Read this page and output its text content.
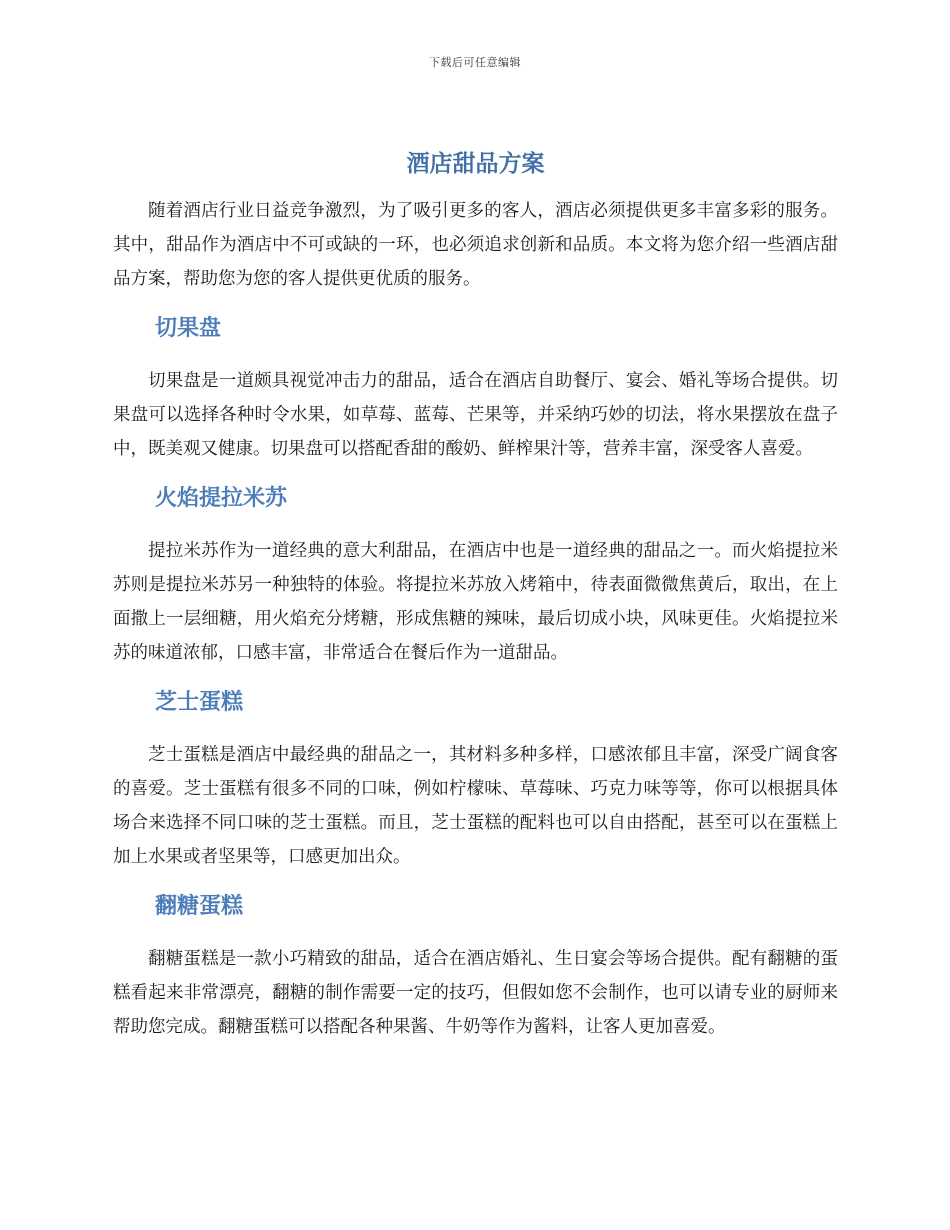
下载后可任意编辑
酒店甜品方案

随着酒店行业日益竞争激烈，为了吸引更多的客人，酒店必须提供更多丰富多彩的服务。其中，甜品作为酒店中不可或缺的一环，也必须追求创新和品质。本文将为您介绍一些酒店甜品方案，帮助您为您的客人提供更优质的服务。

切果盘

切果盘是一道颇具视觉冲击力的甜品，适合在酒店自助餐厅、宴会、婚礼等场合提供。切果盘可以选择各种时令水果，如草莓、蓝莓、芒果等，并采纳巧妙的切法，将水果摆放在盘子中，既美观又健康。切果盘可以搭配香甜的酸奶、鲜榨果汁等，营养丰富，深受客人喜爱。

火焰提拉米苏

提拉米苏作为一道经典的意大利甜品，在酒店中也是一道经典的甜品之一。而火焰提拉米苏则是提拉米苏另一种独特的体验。将提拉米苏放入烤箱中，待表面微微焦黄后，取出，在上面撒上一层细糖，用火焰充分烤糖，形成焦糖的辣味，最后切成小块，风味更佳。火焰提拉米苏的味道浓郁，口感丰富，非常适合在餐后作为一道甜品。

芝士蛋糕

芝士蛋糕是酒店中最经典的甜品之一，其材料多种多样，口感浓郁且丰富，深受广阔食客的喜爱。芝士蛋糕有很多不同的口味，例如柠檬味、草莓味、巧克力味等等，你可以根据具体场合来选择不同口味的芝士蛋糕。而且，芝士蛋糕的配料也可以自由搭配，甚至可以在蛋糕上加上水果或者坚果等，口感更加出众。

翻糖蛋糕

翻糖蛋糕是一款小巧精致的甜品，适合在酒店婚礼、生日宴会等场合提供。配有翻糖的蛋糕看起来非常漂亮，翻糖的制作需要一定的技巧，但假如您不会制作，也可以请专业的厨师来帮助您完成。翻糖蛋糕可以搭配各种果酱、牛奶等作为酱料，让客人更加喜爱。
